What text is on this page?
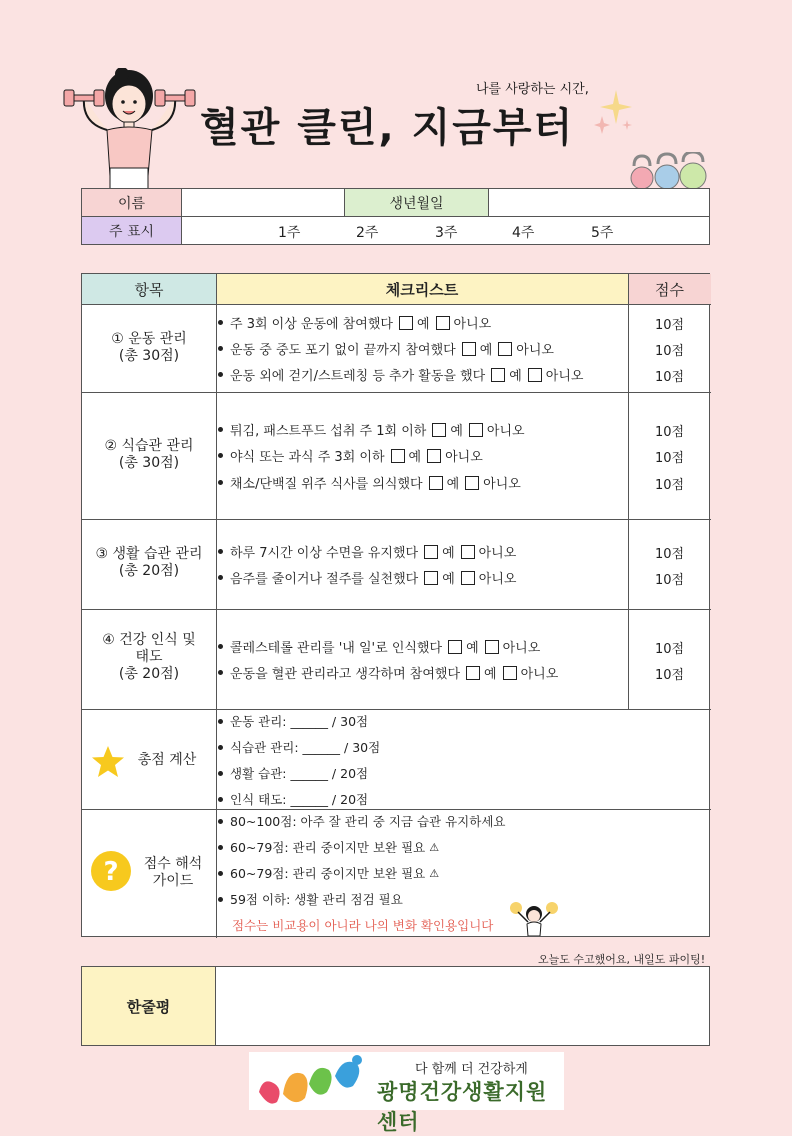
나를 사랑하는 시간,
혈관 클린, 지금부터
이름		생년월일	
주 표시	1주 2주 3주 4주 5주		
항목	체크리스트	점수
① 운동 관리
(총 30점)
주 3회 이상 운동에 참여했다 예 아니오	10점
운동 중 중도 포기 없이 끝까지 참여했다 예 아니오	10점
운동 외에 걷기/스트레칭 등 추가 활동을 했다 예 아니오	10점
② 식습관 관리
(총 30점)
튀김, 패스트푸드 섭취 주 1회 이하 예 아니오	10점
야식 또는 과식 주 3회 이하 예 아니오	10점
채소/단백질 위주 식사를 의식했다 예 아니오	10점
③ 생활 습관 관리
(총 20점)
하루 7시간 이상 수면을 유지했다 예 아니오	10점
음주를 줄이거나 절주를 실천했다 예 아니오	10점
④ 건강 인식 및
태도
(총 20점)
콜레스테롤 관리를 '내 일'로 인식했다 예 아니오	10점
운동을 혈관 관리라고 생각하며 참여했다 예 아니오	10점
총점 계산
운동 관리: ______ / 30점
식습관 관리: ______ / 30점
생활 습관: ______ / 20점
인식 태도: ______ / 20점
?	점수 해석
가이드
80~100점: 아주 잘 관리 중 지금 습관 유지하세요
60~79점: 관리 중이지만 보완 필요 ⚠
60~79점: 관리 중이지만 보완 필요 ⚠
59점 이하: 생활 관리 점검 필요
점수는 비교용이 아니라 나의 변화 확인용입니다
오늘도 수고했어요, 내일도 파이팅!
한줄평
다 함께 더 건강하게
광명건강생활지원센터
